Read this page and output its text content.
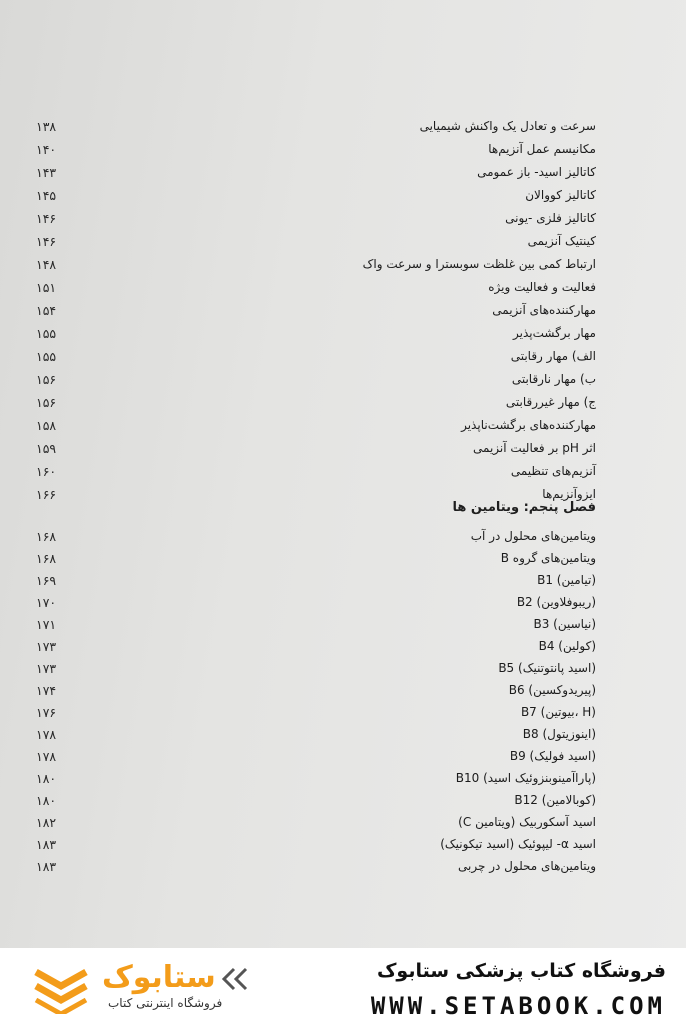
۱۳۸	سرعت و تعادل یک واکنش شیمیایی
۱۴۰	مکانیسم عمل آنزیم‌ها
۱۴۳	کاتالیز اسید- باز عمومی
۱۴۵	کاتالیز کووالان
۱۴۶	کاتالیز فلزی -یونی
۱۴۶	کینتیک آنزیمی
۱۴۸	ارتباط کمی بین غلظت سوبسترا و سرعت واک
۱۵۱	فعالیت و فعالیت ویژه
۱۵۴	مهارکننده‌های آنزیمی
۱۵۵	مهار برگشت‌پذیر
۱۵۵	الف) مهار رقابتی
۱۵۶	ب) مهار نارقابتی
۱۵۶	ج) مهار غیررقابتی
۱۵۸	مهارکننده‌های برگشت‌ناپذیر
۱۵۹	اثر pH بر فعالیت آنزیمی
۱۶۰	آنزیم‌های تنظیمی
۱۶۶	ایزوآنزیم‌ها
فصل پنجم: ویتامین ها
۱۶۸	ویتامین‌های محلول در آب
۱۶۸	ویتامین‌های گروه B
۱۶۹	B1 (تیامین)
۱۷۰	B2 (ریبوفلاوین)
۱۷۱	B3 (نیاسین)
۱۷۳	B4 (کولین)
۱۷۳	B5 (اسید پانتوتنیک)
۱۷۴	B6 (پیریدوکسین)
۱۷۶	B7 (بیوتین، H)
۱۷۸	B8 (اینوزیتول)
۱۷۸	B9 (اسید فولیک)
۱۸۰	B10 (پاراآمینوبنزوئیک اسید)
۱۸۰	B12 (کوبالامین)
۱۸۲	اسید آسکوربیک (ویتامین C)
۱۸۳	اسید α- لیپوئیک (اسید تیکونیک)
۱۸۳	ویتامین‌های محلول در چربی
ستابوک
فروشگاه اینترنتی کتاب
فروشگاه کتاب پزشکی ستابوک
WWW.SETABOOK.COM
